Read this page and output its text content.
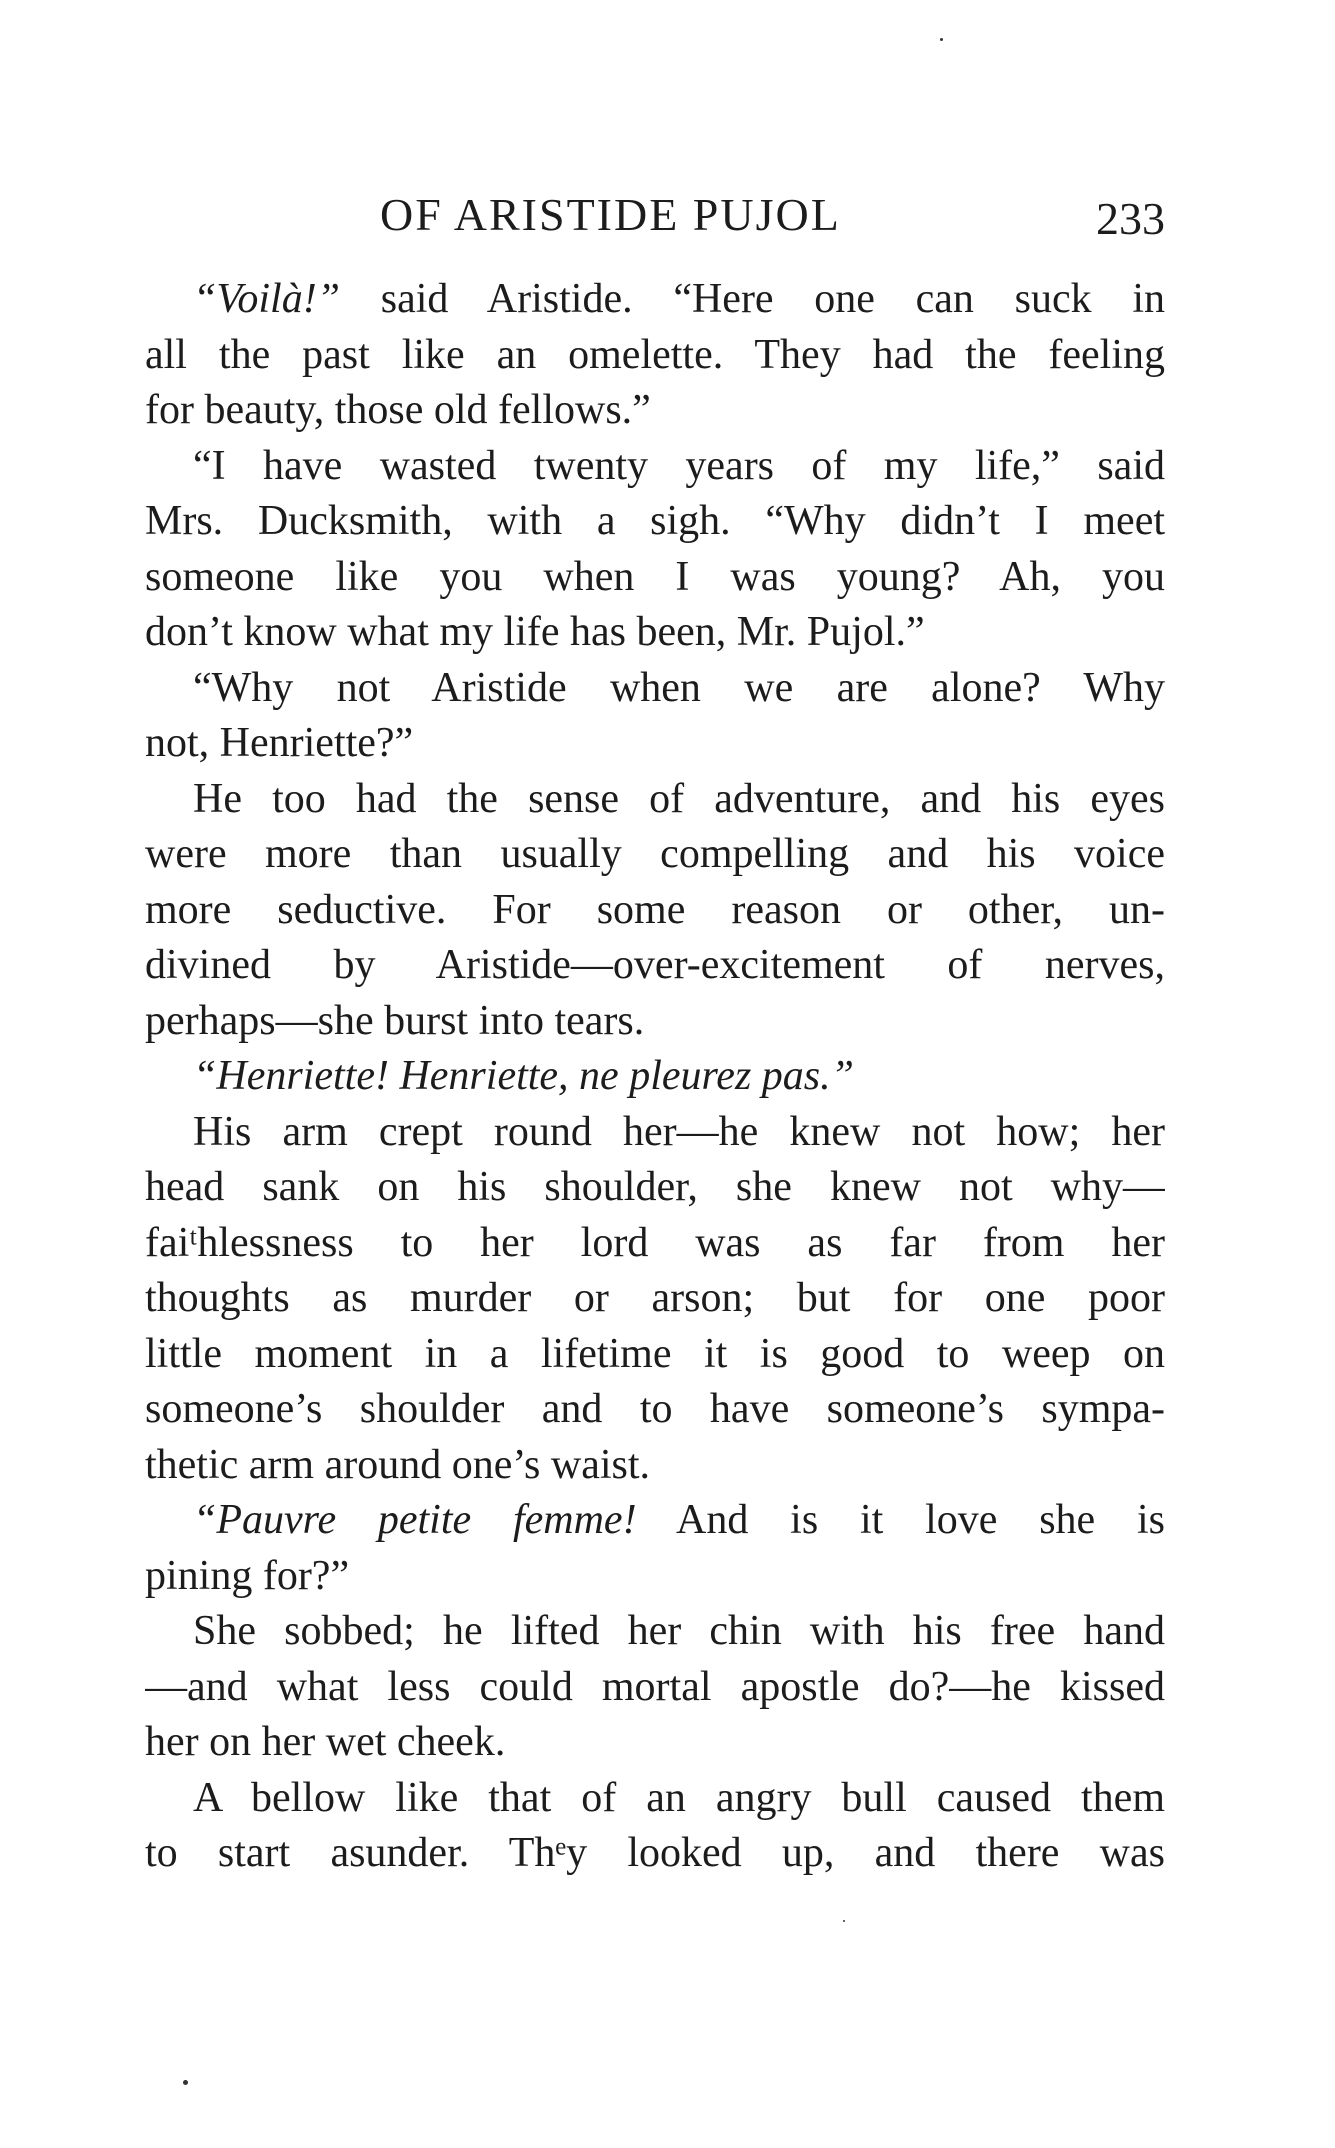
OF ARISTIDE PUJOL	233
“Voilà!” said Aristide. “Here one can suck in
all the past like an omelette. They had the feeling
for beauty, those old fellows.”
“I have wasted twenty years of my life,” said
Mrs. Ducksmith, with a sigh. “Why didn’t I meet
someone like you when I was young? Ah, you
don’t know what my life has been, Mr. Pujol.”
“Why not Aristide when we are alone? Why
not, Henriette?”
He too had the sense of adventure, and his eyes
were more than usually compelling and his voice
more seductive. For some reason or other, un-
divined by Aristide—over-excitement of nerves,
perhaps—she burst into tears.
“Henriette! Henriette, ne pleurez pas.”
His arm crept round her—he knew not how; her
head sank on his shoulder, she knew not why—
faiᵗhlessness to her lord was as far from her
thoughts as murder or arson; but for one poor
little moment in a lifetime it is good to weep on
someone’s shoulder and to have someone’s sympa-
thetic arm around one’s waist.
“Pauvre petite femme! And is it love she is
pining for?”
She sobbed; he lifted her chin with his free hand
—and what less could mortal apostle do?—he kissed
her on her wet cheek.
A bellow like that of an angry bull caused them
to start asunder. Thᵉy looked up, and there was
